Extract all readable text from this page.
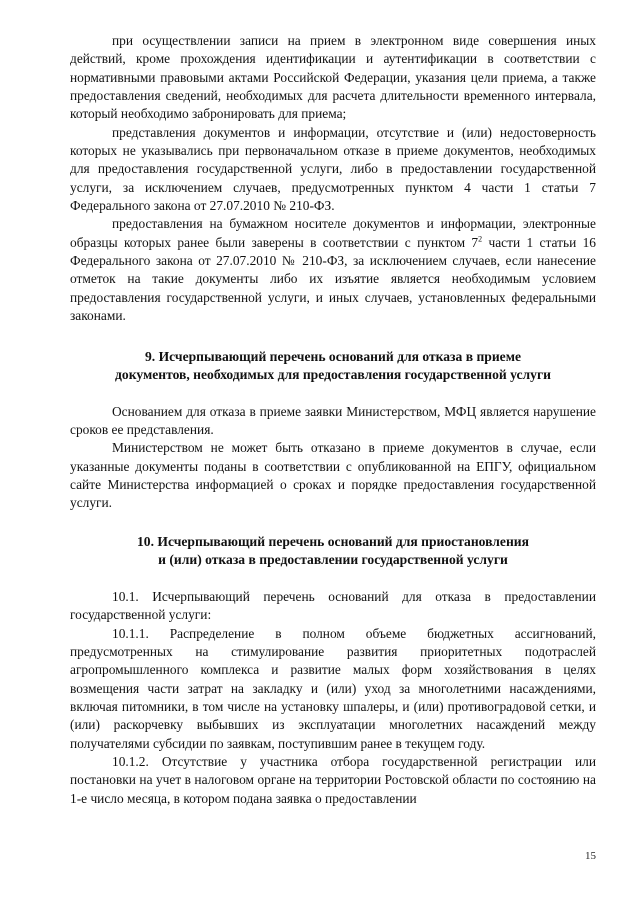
при осуществлении записи на прием в электронном виде совершения иных действий, кроме прохождения идентификации и аутентификации в соответствии с нормативными правовыми актами Российской Федерации, указания цели приема, а также предоставления сведений, необходимых для расчета длительности временного интервала, который необходимо забронировать для приема;

представления документов и информации, отсутствие и (или) недостоверность которых не указывались при первоначальном отказе в приеме документов, необходимых для предоставления государственной услуги, либо в предоставлении государственной услуги, за исключением случаев, предусмотренных пунктом 4 части 1 статьи 7 Федерального закона от 27.07.2010 № 210-ФЗ.

предоставления на бумажном носителе документов и информации, электронные образцы которых ранее были заверены в соответствии с пунктом $7^2$ части 1 статьи 16 Федерального закона от 27.07.2010 № 210-ФЗ, за исключением случаев, если нанесение отметок на такие документы либо их изъятие является необходимым условием предоставления государственной услуги, и иных случаев, установленных федеральными законами.

9. Исчерпывающий перечень оснований для отказа в приеме
документов, необходимых для предоставления государственной услуги

Основанием для отказа в приеме заявки Министерством, МФЦ является нарушение сроков ее представления.

Министерством не может быть отказано в приеме документов в случае, если указанные документы поданы в соответствии с опубликованной на ЕПГУ, официальном сайте Министерства информацией о сроках и порядке предоставления государственной услуги.

10. Исчерпывающий перечень оснований для приостановления
и (или) отказа в предоставлении государственной услуги

10.1. Исчерпывающий перечень оснований для отказа в предоставлении государственной услуги:

10.1.1. Распределение в полном объеме бюджетных ассигнований, предусмотренных на стимулирование развития приоритетных подотраслей агропромышленного комплекса и развитие малых форм хозяйствования в целях возмещения части затрат на закладку и (или) уход за многолетними насаждениями, включая питомники, в том числе на установку шпалеры, и (или) противоградовой сетки, и (или) раскорчевку выбывших из эксплуатации многолетних насаждений между получателями субсидии по заявкам, поступившим ранее в текущем году.

10.1.2. Отсутствие у участника отбора государственной регистрации или постановки на учет в налоговом органе на территории Ростовской области по состоянию на 1-е число месяца, в котором подана заявка о предоставлении

15
